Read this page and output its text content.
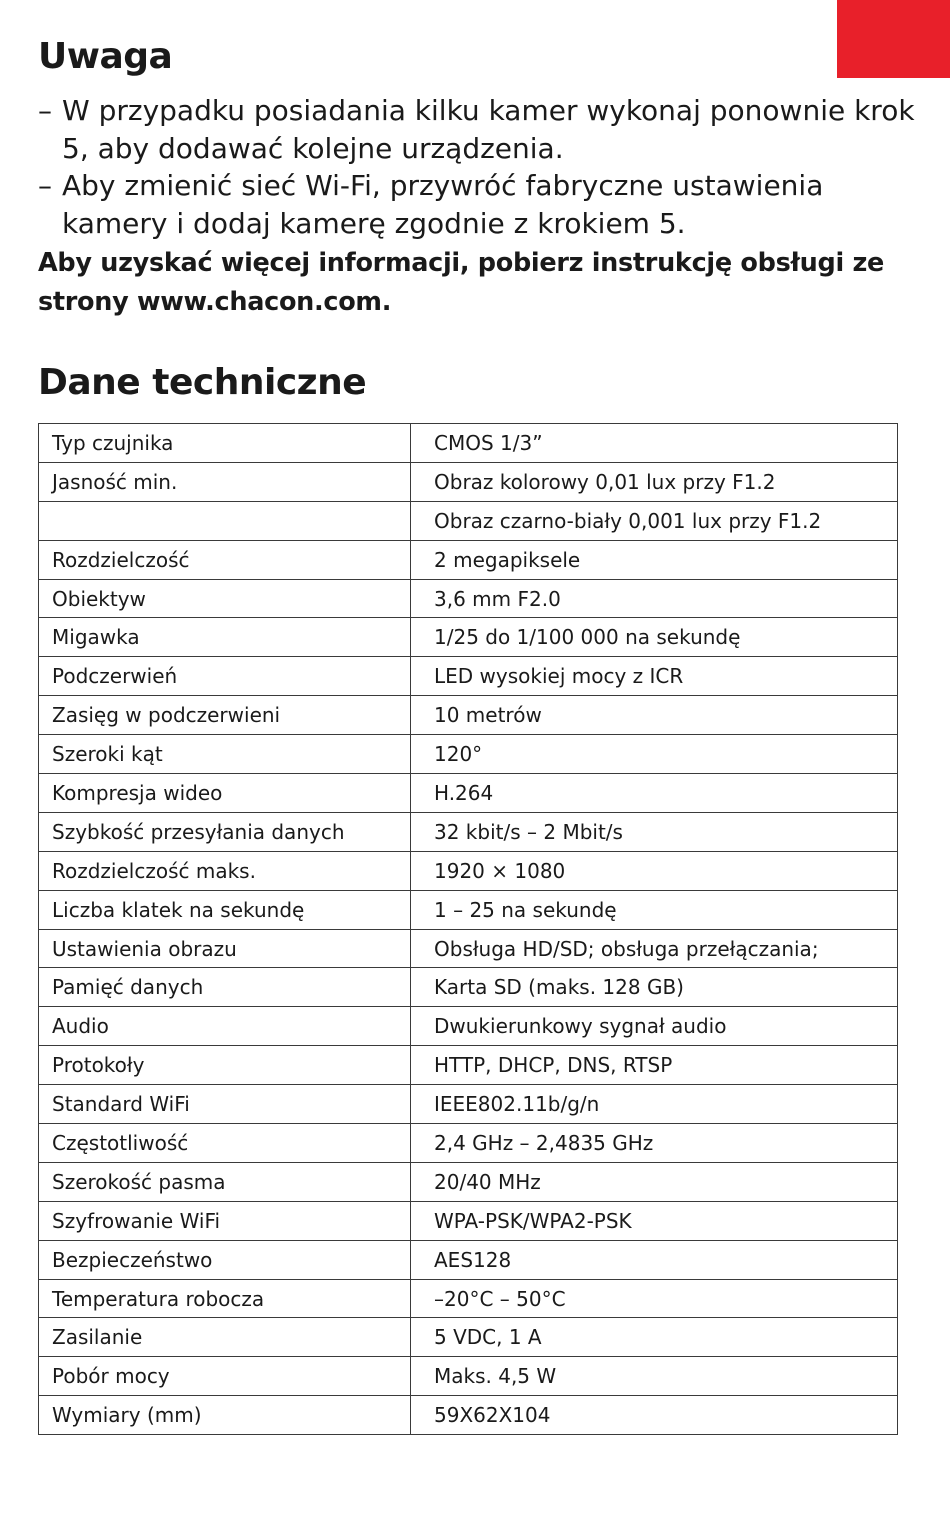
Uwaga
– W przypadku posiadania kilku kamer wykonaj ponownie krok 5, aby dodawać kolejne urządzenia.
– Aby zmienić sieć Wi-Fi, przywróć fabryczne ustawienia kamery i dodaj kamerę zgodnie z krokiem 5.

Aby uzyskać więcej informacji, pobierz instrukcję obsługi ze strony www.chacon.com.

Dane techniczne
Typ czujnika	CMOS 1/3”
Jasność min.	Obraz kolorowy 0,01 lux przy F1.2
	Obraz czarno-biały 0,001 lux przy F1.2
Rozdzielczość	2 megapiksele
Obiektyw	3,6 mm F2.0
Migawka	1/25 do 1/100 000 na sekundę
Podczerwień	LED wysokiej mocy z ICR
Zasięg w podczerwieni	10 metrów
Szeroki kąt	120°
Kompresja wideo	H.264
Szybkość przesyłania danych	32 kbit/s – 2 Mbit/s
Rozdzielczość maks.	1920 × 1080
Liczba klatek na sekundę	1 – 25 na sekundę
Ustawienia obrazu	Obsługa HD/SD; obsługa przełączania;
Pamięć danych	Karta SD (maks. 128 GB)
Audio	Dwukierunkowy sygnał audio
Protokoły	HTTP, DHCP, DNS, RTSP
Standard WiFi	IEEE802.11b/g/n
Częstotliwość	2,4 GHz – 2,4835 GHz
Szerokość pasma	20/40 MHz
Szyfrowanie WiFi	WPA-PSK/WPA2-PSK
Bezpieczeństwo	AES128
Temperatura robocza	–20°C – 50°C
Zasilanie	5 VDC, 1 A
Pobór mocy	Maks. 4,5 W
Wymiary (mm)	59X62X104
